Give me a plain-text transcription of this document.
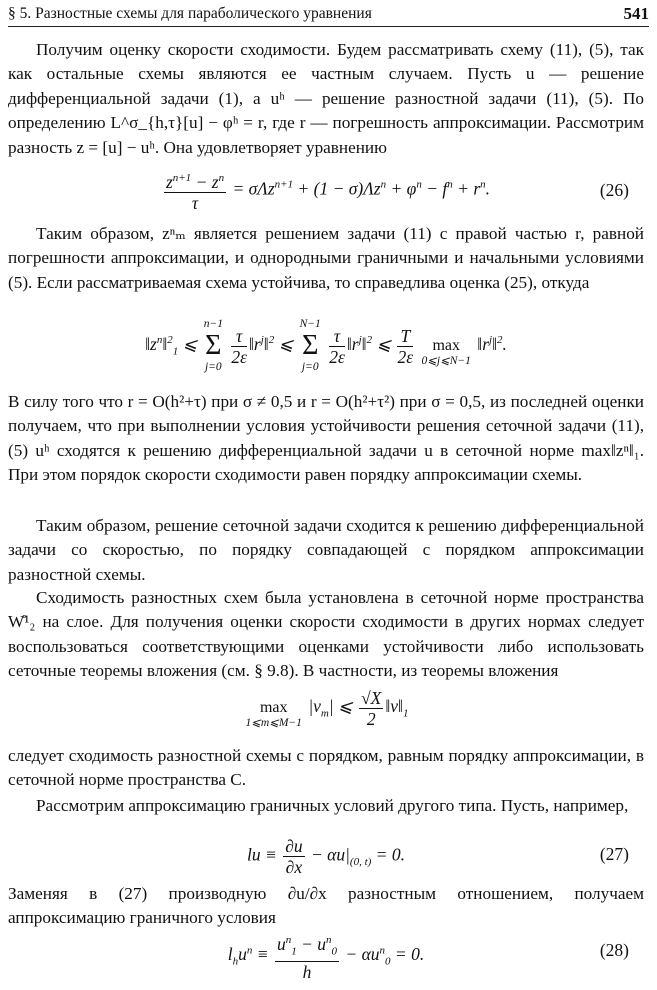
§ 5. Разностные схемы для параболического уравнения	541

Получим оценку скорости сходимости. Будем рассматривать схему (11), (5), так как остальные схемы являются ее частным случаем. Пусть u — решение дифференциальной задачи (1), а uʰ — решение разностной задачи (11), (5). По определению L^σ_{h,τ}[u] − φʰ = r, где r — погрешность аппроксимации. Рассмотрим разность z = [u] − uʰ. Она удовлетворяет уравнению

$\frac{z^{n+1} - z^n}{\tau} = \sigma\Lambda z^{n+1} + (1 - \sigma)\Lambda z^n + \varphi^n - f^n + r^n$.	(26)

Таким образом, zⁿₘ является решением задачи (11) с правой частью r, равной погрешности аппроксимации, и однородными граничными и начальными условиями (5). Если рассматриваемая схема устойчива, то справедлива оценка (25), откуда

$‖z^n‖^2_1$ ⩽
n−1
Σ
j=0

$\frac{\tau}{2\varepsilon}$ $‖r^j‖^2$ ⩽
N−1
Σ
j=0

$\frac{\tau}{2\varepsilon}$ $‖r^j‖^2$ ⩽ $\frac{T}{2\varepsilon}$

	max
0⩽j⩽N−1
$‖r^j‖^2$.

В силу того что r = O(h²+τ) при σ ≠ 0,5 и r = O(h²+τ²) при σ = 0,5, из последней оценки получаем, что при выполнении условия устойчивости решения сеточной задачи (11), (5) uʰ сходятся к решению дифференциальной задачи u в сеточной норме max‖zⁿ‖₁. При этом порядок скорости сходимости равен порядку аппроксимации схемы.

Таким образом, решение сеточной задачи сходится к решению дифференциальной задачи со скоростью, по порядку совпадающей с порядком аппроксимации разностной схемы.

Сходимость разностных схем была установлена в сеточной норме пространства W̊¹₂ на слое. Для получения оценки скорости сходимости в других нормах следует воспользоваться соответствующими оценками устойчивости либо использовать сеточные теоремы вложения (см. § 9.8). В частности, из теоремы вложения

max
1⩽m⩽M−1
$|v_m|$ ⩽ $\frac{√X}{2}$ $‖v‖_1$

следует сходимость разностной схемы с порядком, равным порядку аппроксимации, в сеточной норме пространства C.

Рассмотрим аппроксимацию граничных условий другого типа. Пусть, например,

lu ≡ $\frac{\partial u}{\partial x} - \alpha u|_{(0, t)} = 0$.	(27)

Заменяя в (27) производную ∂u/∂x разностным отношением, получаем аппроксимацию граничного условия

$l_hu^n \equiv \frac{u^n_1 - u^n_0}{h} - \alpha u^n_0 = 0$.	(28)
